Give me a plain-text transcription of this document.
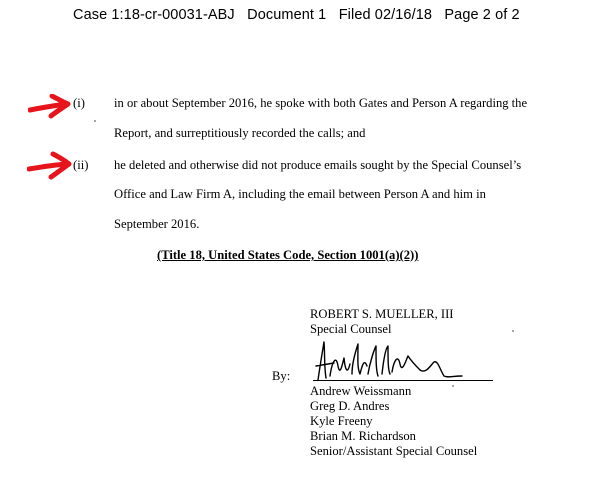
Case 1:18-cr-00031-ABJ   Document 1   Filed 02/16/18   Page 2 of 2
(i) in or about September 2016, he spoke with both Gates and Person A regarding the
Report, and surreptitiously recorded the calls; and
(ii) he deleted and otherwise did not produce emails sought by the Special Counsel’s
Office and Law Firm A, including the email between Person A and him in
September 2016.
(Title 18, United States Code, Section 1001(a)(2))
ROBERT S. MUELLER, III
Special Counsel
By:
Andrew Weissmann
Greg D. Andres
Kyle Freeny
Brian M. Richardson
Senior/Assistant Special Counsel
